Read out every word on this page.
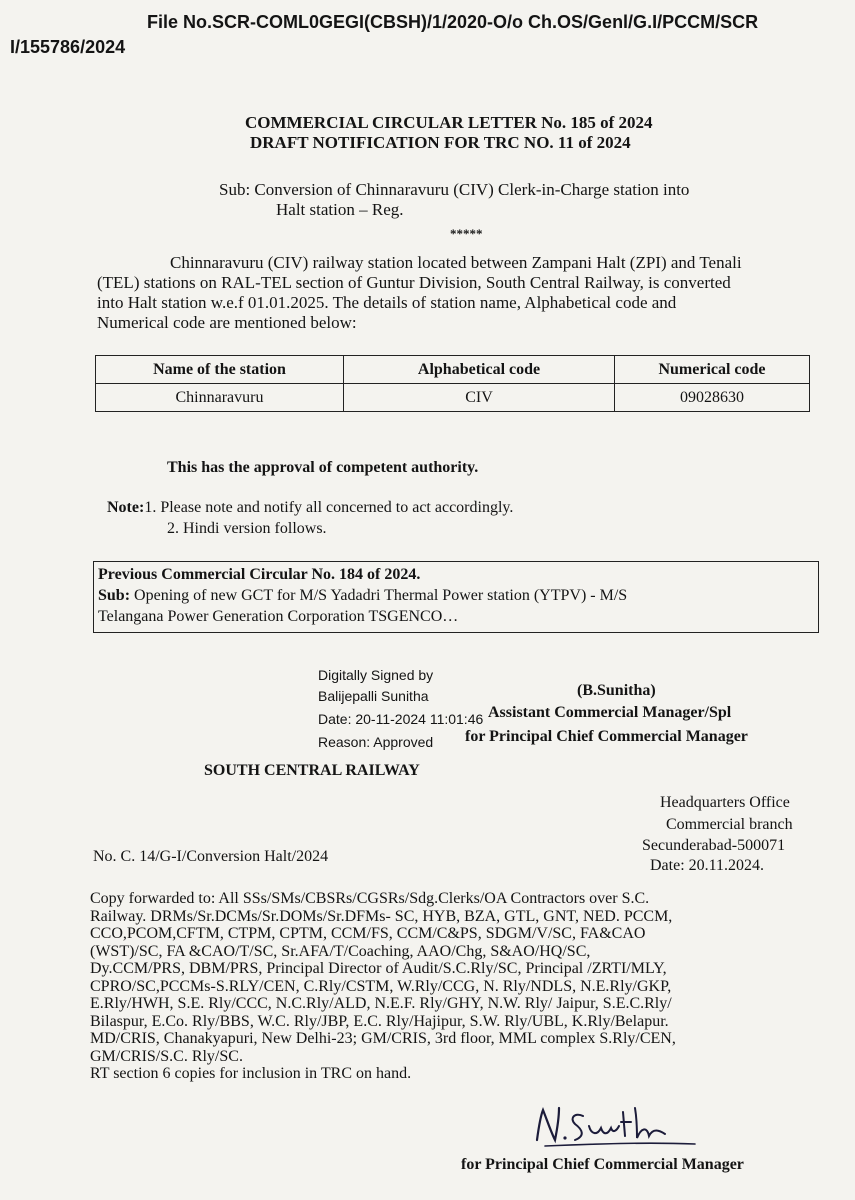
File No.SCR-COML0GEGI(CBSH)/1/2020-O/o Ch.OS/Genl/G.I/PCCM/SCR
I/155786/2024
COMMERCIAL CIRCULAR LETTER No. 185 of 2024
DRAFT NOTIFICATION FOR TRC NO. 11 of 2024
Sub: Conversion of Chinnaravuru (CIV) Clerk-in-Charge station into
Halt station – Reg.
*****
Chinnaravuru (CIV) railway station located between Zampani Halt (ZPI) and Tenali
(TEL) stations on RAL-TEL section of Guntur Division, South Central Railway, is converted
into Halt station w.e.f 01.01.2025. The details of station name, Alphabetical code and
Numerical code are mentioned below:
Name of the station	Alphabetical code	Numerical code
Chinnaravuru	CIV	09028630
This has the approval of competent authority.
Note:1. Please note and notify all concerned to act accordingly.
2. Hindi version follows.
Previous Commercial Circular No. 184 of 2024.
Sub: Opening of new GCT for M/S Yadadri Thermal Power station (YTPV) - M/S
Telangana Power Generation Corporation TSGENCO…
Digitally Signed by
Balijepalli Sunitha
Date: 20-11-2024 11:01:46
Reason: Approved
(B.Sunitha)
Assistant Commercial Manager/Spl
for Principal Chief Commercial Manager
SOUTH CENTRAL RAILWAY
Headquarters Office
Commercial branch
Secunderabad-500071
Date: 20.11.2024.
No. C. 14/G-I/Conversion Halt/2024
Copy forwarded to: All SSs/SMs/CBSRs/CGSRs/Sdg.Clerks/OA Contractors over S.C.
Railway. DRMs/Sr.DCMs/Sr.DOMs/Sr.DFMs- SC, HYB, BZA, GTL, GNT, NED. PCCM,
CCO,PCOM,CFTM, CTPM, CPTM, CCM/FS, CCM/C&PS, SDGM/V/SC, FA&CAO
(WST)/SC, FA &CAO/T/SC, Sr.AFA/T/Coaching, AAO/Chg, S&AO/HQ/SC,
Dy.CCM/PRS, DBM/PRS, Principal Director of Audit/S.C.Rly/SC, Principal /ZRTI/MLY,
CPRO/SC,PCCMs-S.RLY/CEN, C.Rly/CSTM, W.Rly/CCG, N. Rly/NDLS, N.E.Rly/GKP,
E.Rly/HWH, S.E. Rly/CCC, N.C.Rly/ALD, N.E.F. Rly/GHY, N.W. Rly/ Jaipur, S.E.C.Rly/
Bilaspur, E.Co. Rly/BBS, W.C. Rly/JBP, E.C. Rly/Hajipur, S.W. Rly/UBL, K.Rly/Belapur.
MD/CRIS, Chanakyapuri, New Delhi-23; GM/CRIS, 3rd floor, MML complex S.Rly/CEN,
GM/CRIS/S.C. Rly/SC.
RT section 6 copies for inclusion in TRC on hand.
for Principal Chief Commercial Manager
